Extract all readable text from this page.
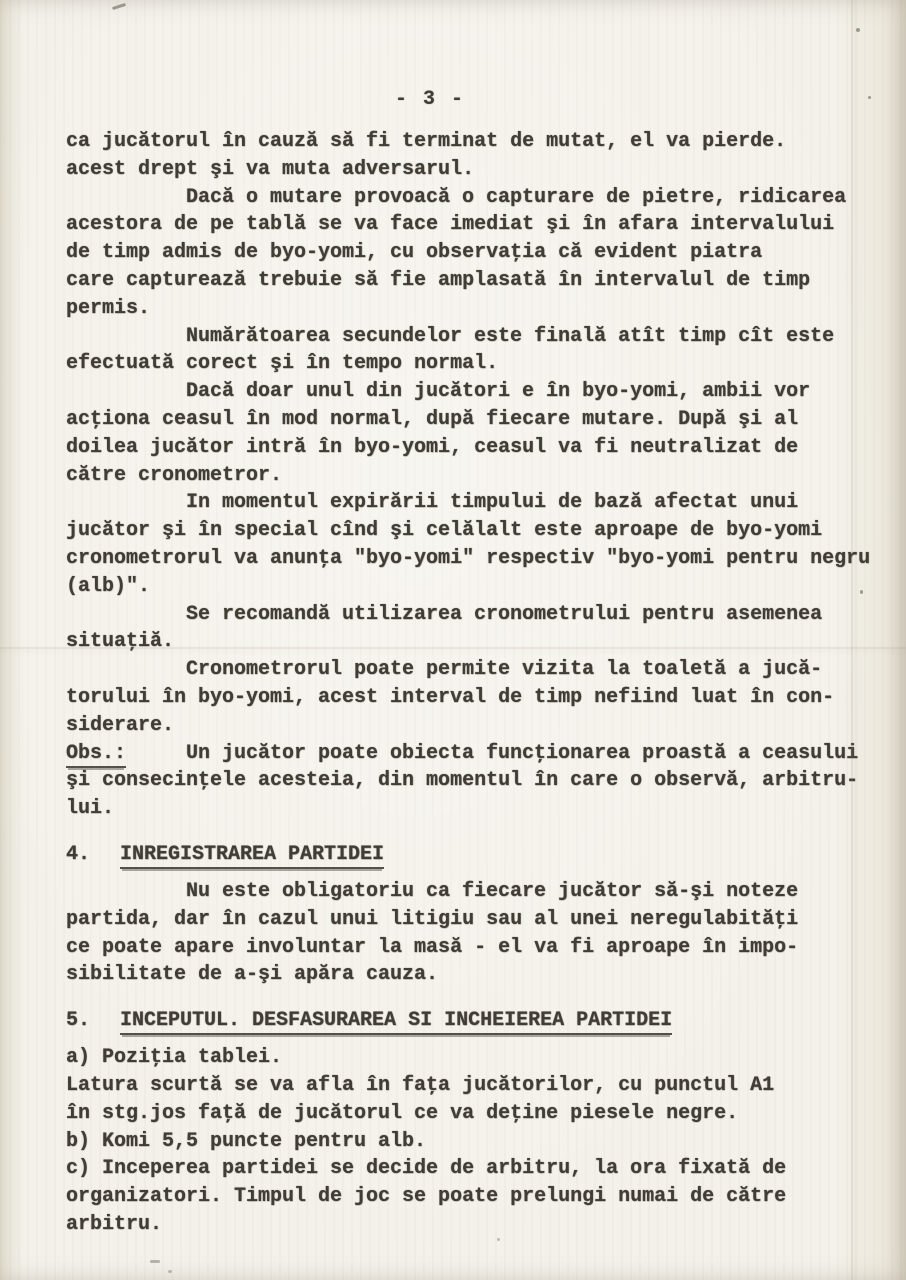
- 3 -
ca jucătorul în cauză să fi terminat de mutat, el va pierde.
acest drept şi va muta adversarul.
Dacă o mutare provoacă o capturare de pietre, ridicarea
acestora de pe tablă se va face imediat şi în afara intervalului
de timp admis de byo-yomi, cu observaţia că evident piatra
care capturează trebuie să fie amplasată în intervalul de timp
permis.
Numărătoarea secundelor este finală atît timp cît este
efectuată corect şi în tempo normal.
Dacă doar unul din jucători e în byo-yomi, ambii vor
acţiona ceasul în mod normal, după fiecare mutare. După şi al
doilea jucător intră în byo-yomi, ceasul va fi neutralizat de
către cronometror.
In momentul expirării timpului de bază afectat unui
jucător şi în special cînd şi celălalt este aproape de byo-yomi
cronometrorul va anunţa "byo-yomi" respectiv "byo-yomi pentru negru
(alb)".
Se recomandă utilizarea cronometrului pentru asemenea
situaţiă.
Cronometrorul poate permite vizita la toaletă a jucă-
torului în byo-yomi, acest interval de timp nefiind luat în con-
siderare.
Obs.:	Un jucător poate obiecta funcţionarea proastă a ceasului
şi consecinţele acesteia, din momentul în care o observă, arbitru-
lui.
4. INREGISTRAREA PARTIDEI
Nu este obligatoriu ca fiecare jucător să-şi noteze
partida, dar în cazul unui litigiu sau al unei neregulabităţi
ce poate apare involuntar la masă - el va fi aproape în impo-
sibilitate de a-şi apăra cauza.
5. INCEPUTUL. DESFASURAREA SI INCHEIEREA PARTIDEI
a) Poziţia tablei.
Latura scurtă se va afla în faţa jucătorilor, cu punctul A1
în stg.jos faţă de jucătorul ce va deţine piesele negre.
b) Komi 5,5 puncte pentru alb.
c) Inceperea partidei se decide de arbitru, la ora fixată de
organizatori. Timpul de joc se poate prelungi numai de către
arbitru.
